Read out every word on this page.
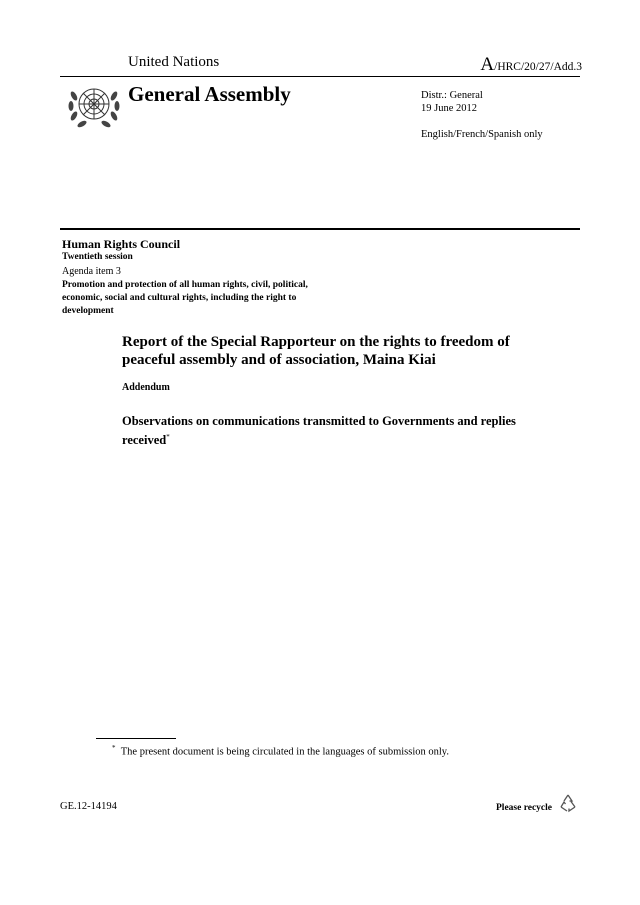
United Nations	A/HRC/20/27/Add.3
General Assembly	Distr.: General
19 June 2012
English/French/Spanish only
Human Rights Council
Twentieth session
Agenda item 3
Promotion and protection of all human rights, civil, political, economic, social and cultural rights, including the right to development
Report of the Special Rapporteur on the rights to freedom of peaceful assembly and of association, Maina Kiai
Addendum
Observations on communications transmitted to Governments and replies received*
* The present document is being circulated in the languages of submission only.
GE.12-14194	Please recycle
